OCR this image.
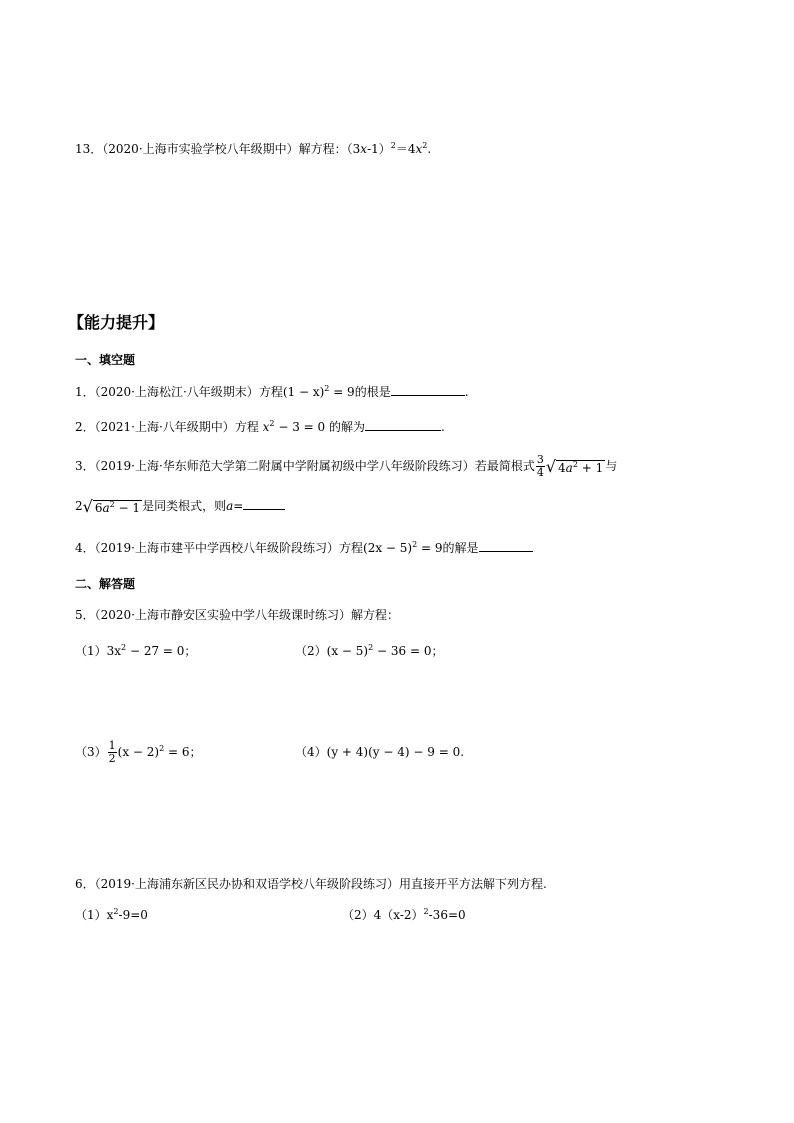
13．（2020·上海市实验学校八年级期中）解方程：$(3x-1)^2=4x^2$.
【能力提升】
一、填空题
1．（2020·上海松江·八年级期末）方程$(1 - x)^2 = 9$的根是	.
2．（2021·上海·八年级期中）方程 $x^2 - 3 = 0$ 的解为	.
3．（2019·上海·华东师范大学第二附属中学附属初级中学八年级阶段练习）若最简根式 $\frac{3}{4}$ √ $4a^2 + 1$ 与
2 √ $6a^2 - 1$ 是同类根式，则a=
4．（2019·上海市建平中学西校八年级阶段练习）方程$(2x - 5)^2 = 9$的解是
二、解答题
5．（2020·上海市静安区实验中学八年级课时练习）解方程：
$(1)3x^2 - 27 = 0$；	$(2)(x - 5)^2 - 36 = 0$；
$(3) \frac{1}{2} (x - 2)^2 = 6$；	（4）(y + 4)(y − 4) − 9 = 0.
6．（2019·上海浦东新区民办协和双语学校八年级阶段练习）用直接开平方法解下列方程.
$(1)x^2-9=0$	$(2)4(x-2)^2-36=0$
